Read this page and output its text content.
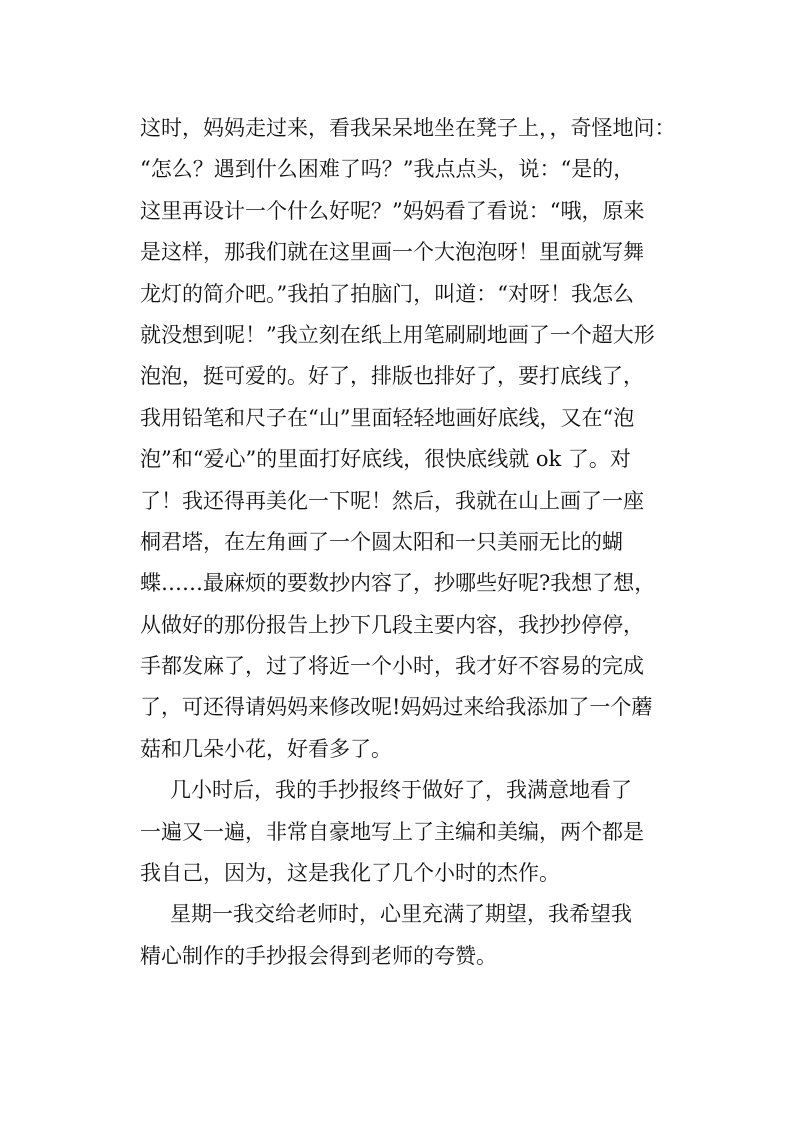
这时，妈妈走过来，看我呆呆地坐在凳子上，，奇怪地问：
“怎么？遇到什么困难了吗？”我点点头，说：“是的，
这里再设计一个什么好呢？”妈妈看了看说：“哦，原来
是这样，那我们就在这里画一个大泡泡呀！里面就写舞
龙灯的简介吧。”我拍了拍脑门，叫道：“对呀！我怎么
就没想到呢！”我立刻在纸上用笔刷刷地画了一个超大形
泡泡，挺可爱的。好了，排版也排好了，要打底线了，
我用铅笔和尺子在“山”里面轻轻地画好底线，又在“泡
泡”和“爱心”的里面打好底线，很快底线就 ok 了。对
了！我还得再美化一下呢！然后，我就在山上画了一座
桐君塔，在左角画了一个圆太阳和一只美丽无比的蝴
蝶……最麻烦的要数抄内容了，抄哪些好呢?我想了想，
从做好的那份报告上抄下几段主要内容，我抄抄停停，
手都发麻了，过了将近一个小时，我才好不容易的完成
了，可还得请妈妈来修改呢!妈妈过来给我添加了一个蘑
菇和几朵小花，好看多了。
几小时后，我的手抄报终于做好了，我满意地看了
一遍又一遍，非常自豪地写上了主编和美编，两个都是
我自己，因为，这是我化了几个小时的杰作。
星期一我交给老师时，心里充满了期望，我希望我
精心制作的手抄报会得到老师的夸赞。
